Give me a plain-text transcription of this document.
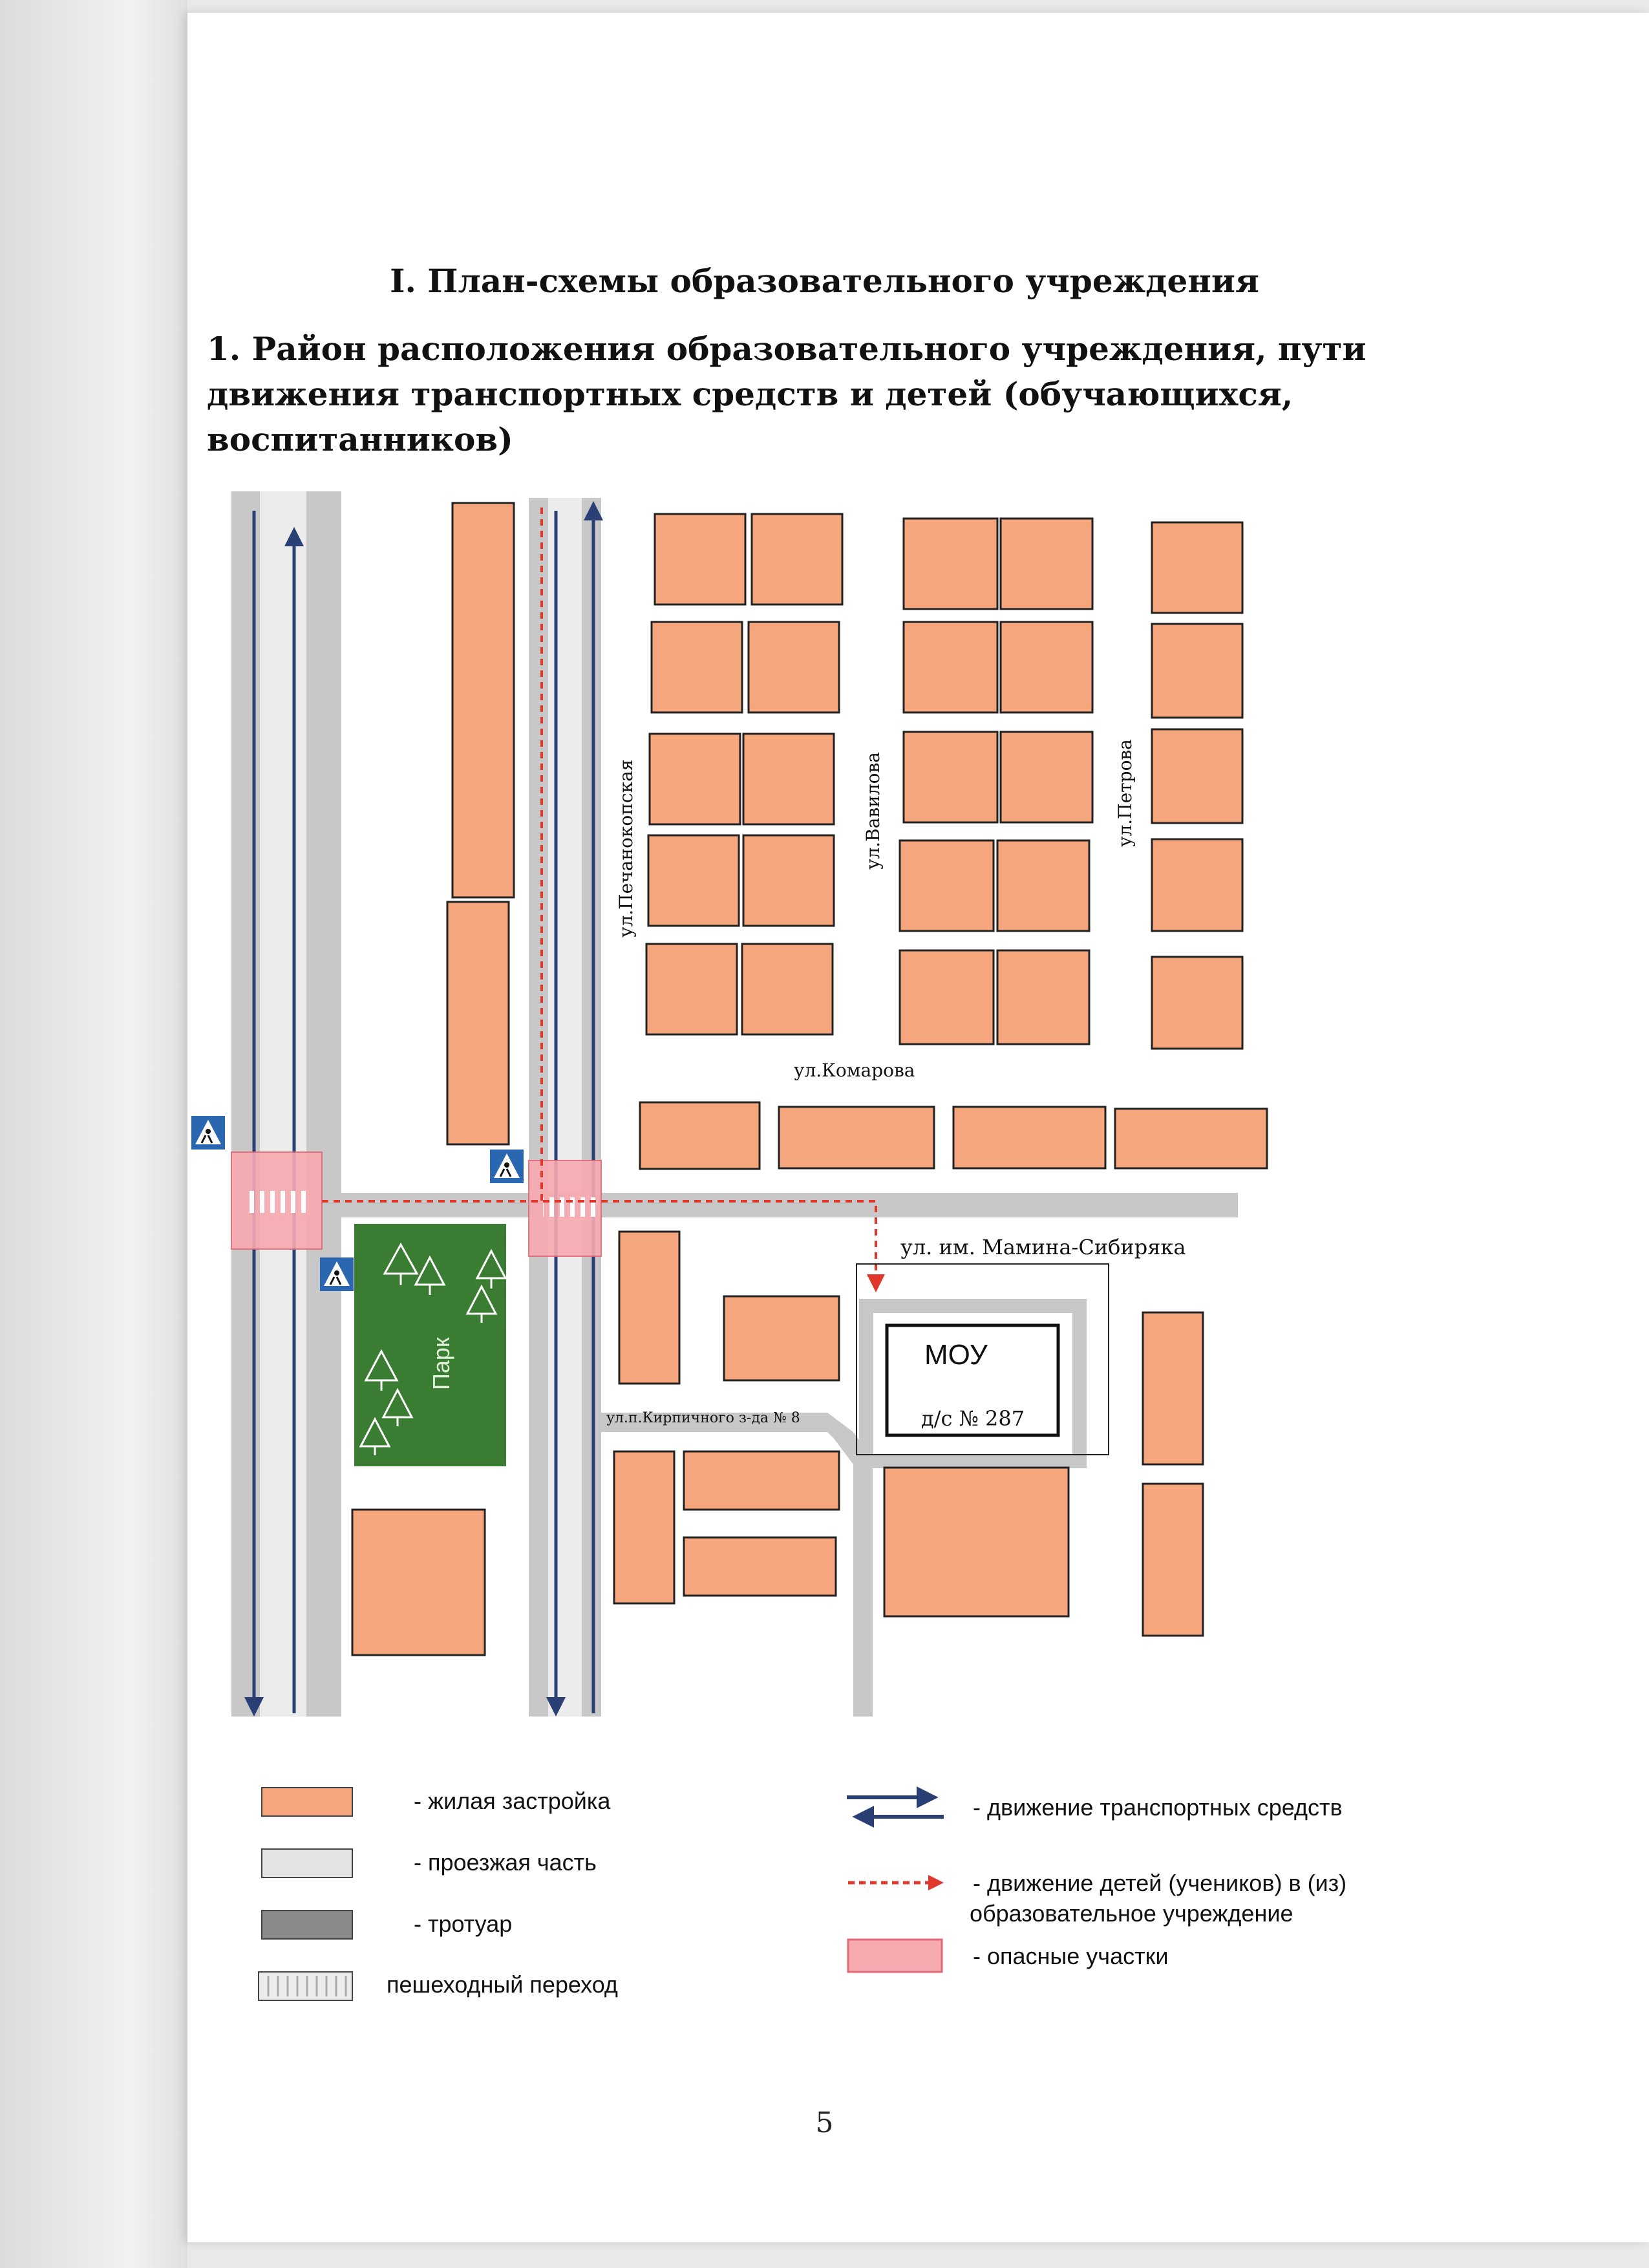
I. План-схемы образовательного учреждения
1. Район расположения образовательного учреждения, пути движения транспортных средств и детей (обучающихся, воспитанников)
Парк	МОУ
д/с № 287
ул.Печанокопская	ул.Вавилова	ул.Петрова
ул.Комарова
ул. им. Мамина-Сибиряка
ул.п.Кирпичного з-да № 8
- жилая застройка
- проезжая часть
- тротуар
пешеходный переход
- движение транспортных средств
- движение детей (учеников) в (из)
образовательное учреждение
- опасные участки
5
